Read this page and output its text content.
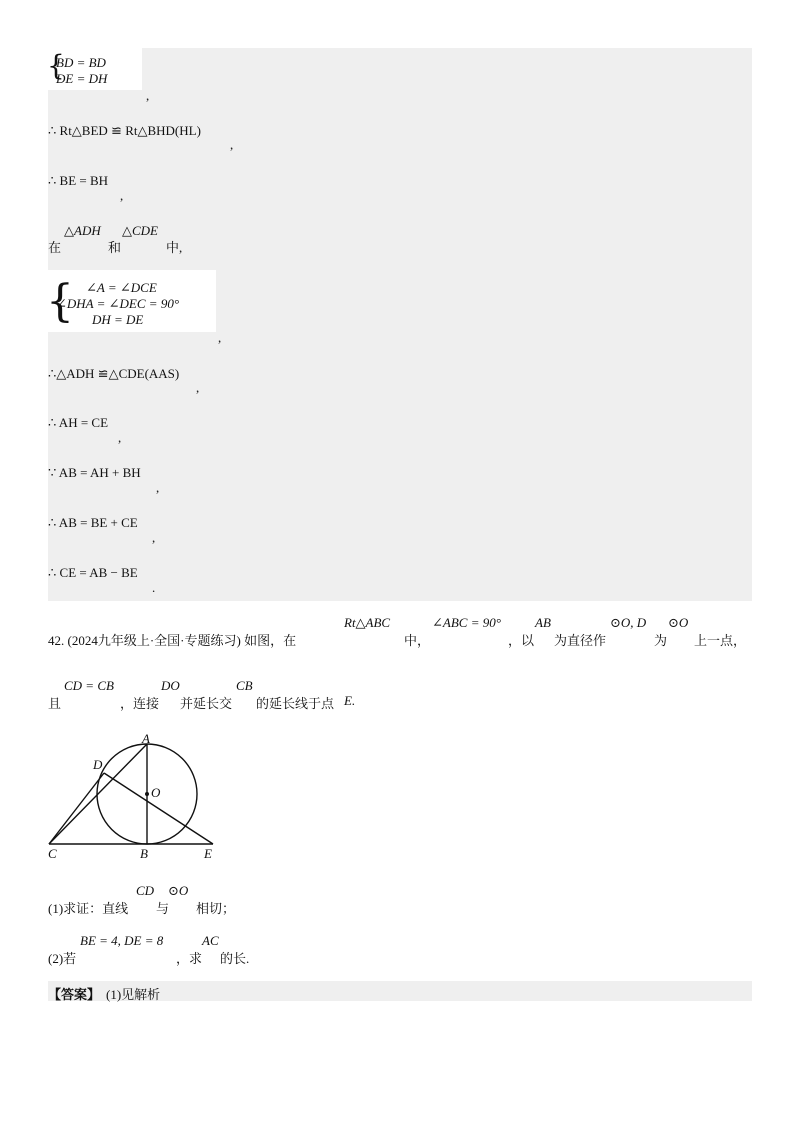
{
BD = BD
DE = DH
,
∴ Rt△BED ≌ Rt△BHD(HL)
,
∴ BE = BH
,
△ADH △CDE
在	和	中,
{ ∠A = ∠DCE
∠DHA = ∠DEC = 90°
DH = DE
,
∴△ADH ≌△CDE(AAS)
,
∴ AH = CE
,
∵ AB = AH + BH
,
∴ AB = BE + CE
,
∴ CE = AB − BE
.
Rt△ABC	∠ABC = 90°	AB	⊙O, D ⊙O
42. (2024九年级上·全国·专题练习) 如图，在	中，	，以 为直径作	为 上一点，
CD = CB	DO	CB
且	，连接 并延长交 的延长线于点 E.
A
D
O
C	B	E
CD ⊙O
(1)求证：直线 与 相切；
BE = 4, DE = 8	AC
(2)若	，求 的长.
【答案】 (1)见解析
